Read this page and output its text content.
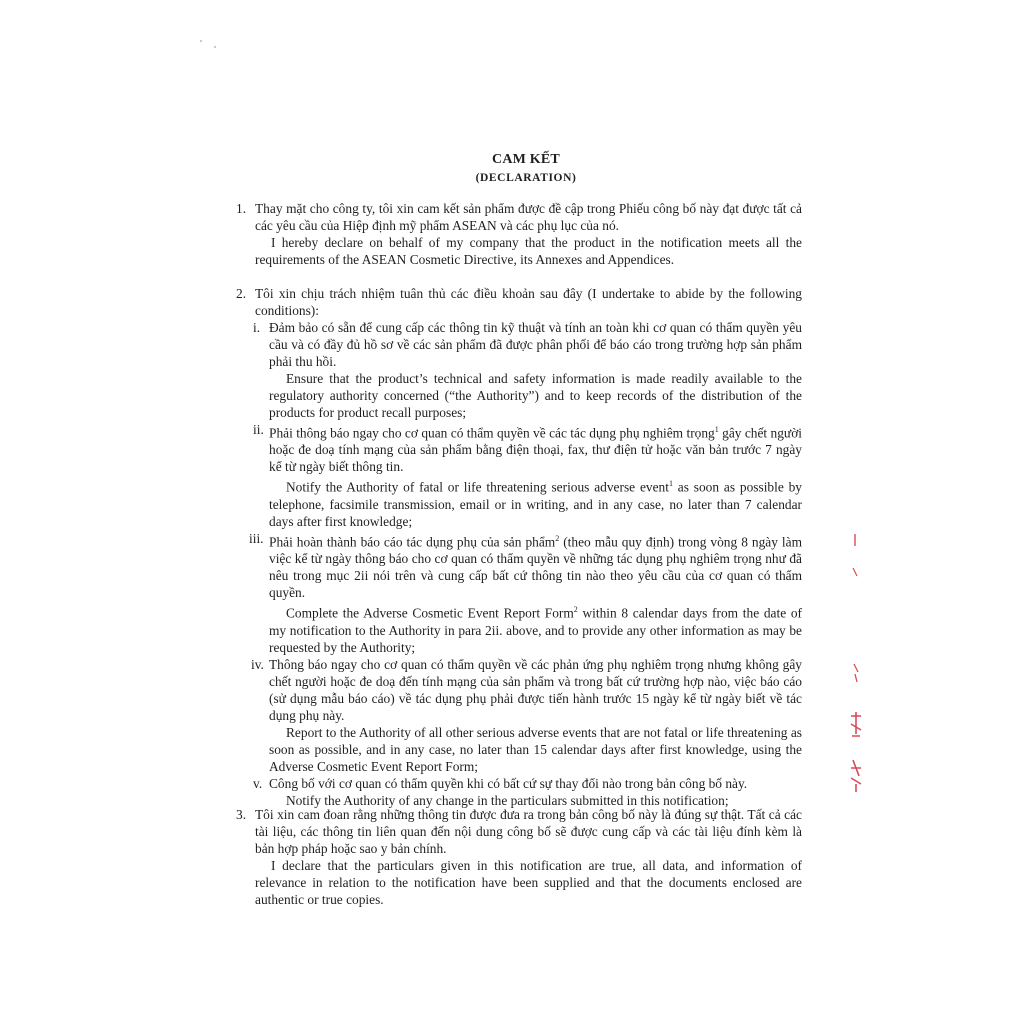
CAM KẾT
(DECLARATION)
1. Thay mặt cho công ty, tôi xin cam kết sản phẩm được đề cập trong Phiếu công bố này đạt được tất cả các yêu cầu của Hiệp định mỹ phẩm ASEAN và các phụ lục của nó.
I hereby declare on behalf of my company that the product in the notification meets all the requirements of the ASEAN Cosmetic Directive, its Annexes and Appendices.
2. Tôi xin chịu trách nhiệm tuân thủ các điều khoản sau đây (I undertake to abide by the following conditions):
i. Đảm bảo có sẵn để cung cấp các thông tin kỹ thuật và tính an toàn khi cơ quan có thẩm quyền yêu cầu và có đầy đủ hồ sơ về các sản phẩm đã được phân phối để báo cáo trong trường hợp sản phẩm phải thu hồi.
Ensure that the product’s technical and safety information is made readily available to the regulatory authority concerned (“the Authority”) and to keep records of the distribution of the products for product recall purposes;
ii. Phải thông báo ngay cho cơ quan có thẩm quyền về các tác dụng phụ nghiêm trọng$^1$ gây chết người hoặc đe doạ tính mạng của sản phẩm bằng điện thoại, fax, thư điện tử hoặc văn bản trước 7 ngày kể từ ngày biết thông tin.
Notify the Authority of fatal or life threatening serious adverse event$^1$ as soon as possible by telephone, facsimile transmission, email or in writing, and in any case, no later than 7 calendar days after first knowledge;
iii. Phải hoàn thành báo cáo tác dụng phụ của sản phẩm$^2$ (theo mẫu quy định) trong vòng 8 ngày làm việc kể từ ngày thông báo cho cơ quan có thẩm quyền về những tác dụng phụ nghiêm trọng như đã nêu trong mục 2ii nói trên và cung cấp bất cứ thông tin nào theo yêu cầu của cơ quan có thẩm quyền.
Complete the Adverse Cosmetic Event Report Form$^2$ within 8 calendar days from the date of my notification to the Authority in para 2ii. above, and to provide any other information as may be requested by the Authority;
iv. Thông báo ngay cho cơ quan có thẩm quyền về các phản ứng phụ nghiêm trọng nhưng không gây chết người hoặc đe doạ đến tính mạng của sản phẩm và trong bất cứ trường hợp nào, việc báo cáo (sử dụng mẫu báo cáo) về tác dụng phụ phải được tiến hành trước 15 ngày kể từ ngày biết về tác dụng phụ này.
Report to the Authority of all other serious adverse events that are not fatal or life threatening as soon as possible, and in any case, no later than 15 calendar days after first knowledge, using the Adverse Cosmetic Event Report Form;
v. Công bố với cơ quan có thẩm quyền khi có bất cứ sự thay đổi nào trong bản công bố này.
Notify the Authority of any change in the particulars submitted in this notification;
3. Tôi xin cam đoan rằng những thông tin được đưa ra trong bản công bố này là đúng sự thật. Tất cả các tài liệu, các thông tin liên quan đến nội dung công bố sẽ được cung cấp và các tài liệu đính kèm là bản hợp pháp hoặc sao y bản chính.
I declare that the particulars given in this notification are true, all data, and information of relevance in relation to the notification have been supplied and that the documents enclosed are authentic or true copies.
